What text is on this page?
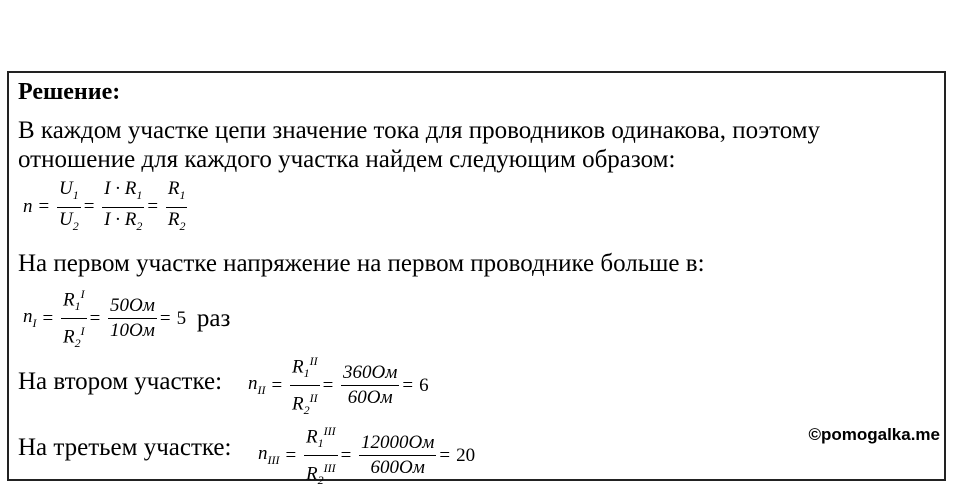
Решение:
В каждом участке цепи значение тока для проводников одинакова, поэтому
отношение для каждого участка найдем следующим образом:
$n = \frac{U_1}{U_2} = \frac{I \cdot R_1}{I \cdot R_2} = \frac{R_1}{R_2}$
На первом участке напряжение на первом проводнике больше в:
$n_I = \frac{R_1^I}{R_2^I} = \frac{50Ом}{10Ом} = 5$ раз
На втором участке: $n_{II} = \frac{R_1^{II}}{R_2^{II}} = \frac{360Ом}{60Ом} = 6$
На третьем участке: $n_{III} = \frac{R_1^{III}}{R_2^{III}} = \frac{12000Ом}{600Ом} = 20$
©pomogalka.me
